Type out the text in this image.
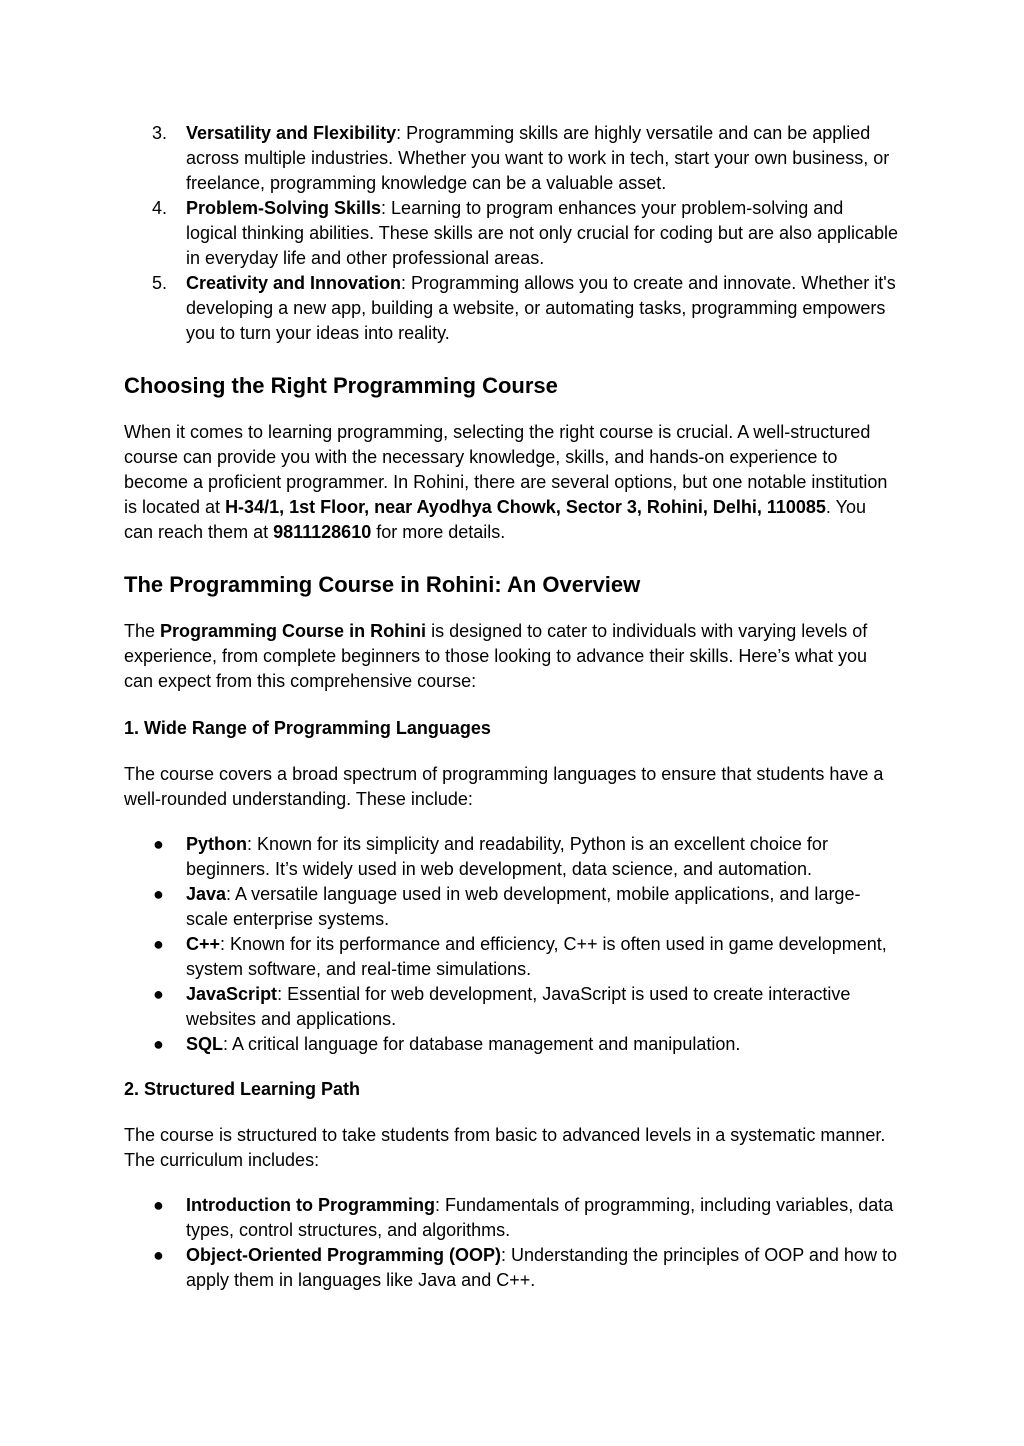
3. Versatility and Flexibility: Programming skills are highly versatile and can be applied across multiple industries. Whether you want to work in tech, start your own business, or freelance, programming knowledge can be a valuable asset.
4. Problem-Solving Skills: Learning to program enhances your problem-solving and logical thinking abilities. These skills are not only crucial for coding but are also applicable in everyday life and other professional areas.
5. Creativity and Innovation: Programming allows you to create and innovate. Whether it's developing a new app, building a website, or automating tasks, programming empowers you to turn your ideas into reality.
Choosing the Right Programming Course

When it comes to learning programming, selecting the right course is crucial. A well-structured course can provide you with the necessary knowledge, skills, and hands-on experience to become a proficient programmer. In Rohini, there are several options, but one notable institution is located at H-34/1, 1st Floor, near Ayodhya Chowk, Sector 3, Rohini, Delhi, 110085. You can reach them at 9811128610 for more details.

The Programming Course in Rohini: An Overview

The Programming Course in Rohini is designed to cater to individuals with varying levels of experience, from complete beginners to those looking to advance their skills. Here’s what you can expect from this comprehensive course:

1. Wide Range of Programming Languages

The course covers a broad spectrum of programming languages to ensure that students have a well-rounded understanding. These include:

● Python: Known for its simplicity and readability, Python is an excellent choice for beginners. It’s widely used in web development, data science, and automation.
● Java: A versatile language used in web development, mobile applications, and large-scale enterprise systems.
● C++: Known for its performance and efficiency, C++ is often used in game development, system software, and real-time simulations.
● JavaScript: Essential for web development, JavaScript is used to create interactive websites and applications.
● SQL: A critical language for database management and manipulation.
2. Structured Learning Path

The course is structured to take students from basic to advanced levels in a systematic manner. The curriculum includes:

● Introduction to Programming: Fundamentals of programming, including variables, data types, control structures, and algorithms.
● Object-Oriented Programming (OOP): Understanding the principles of OOP and how to apply them in languages like Java and C++.
